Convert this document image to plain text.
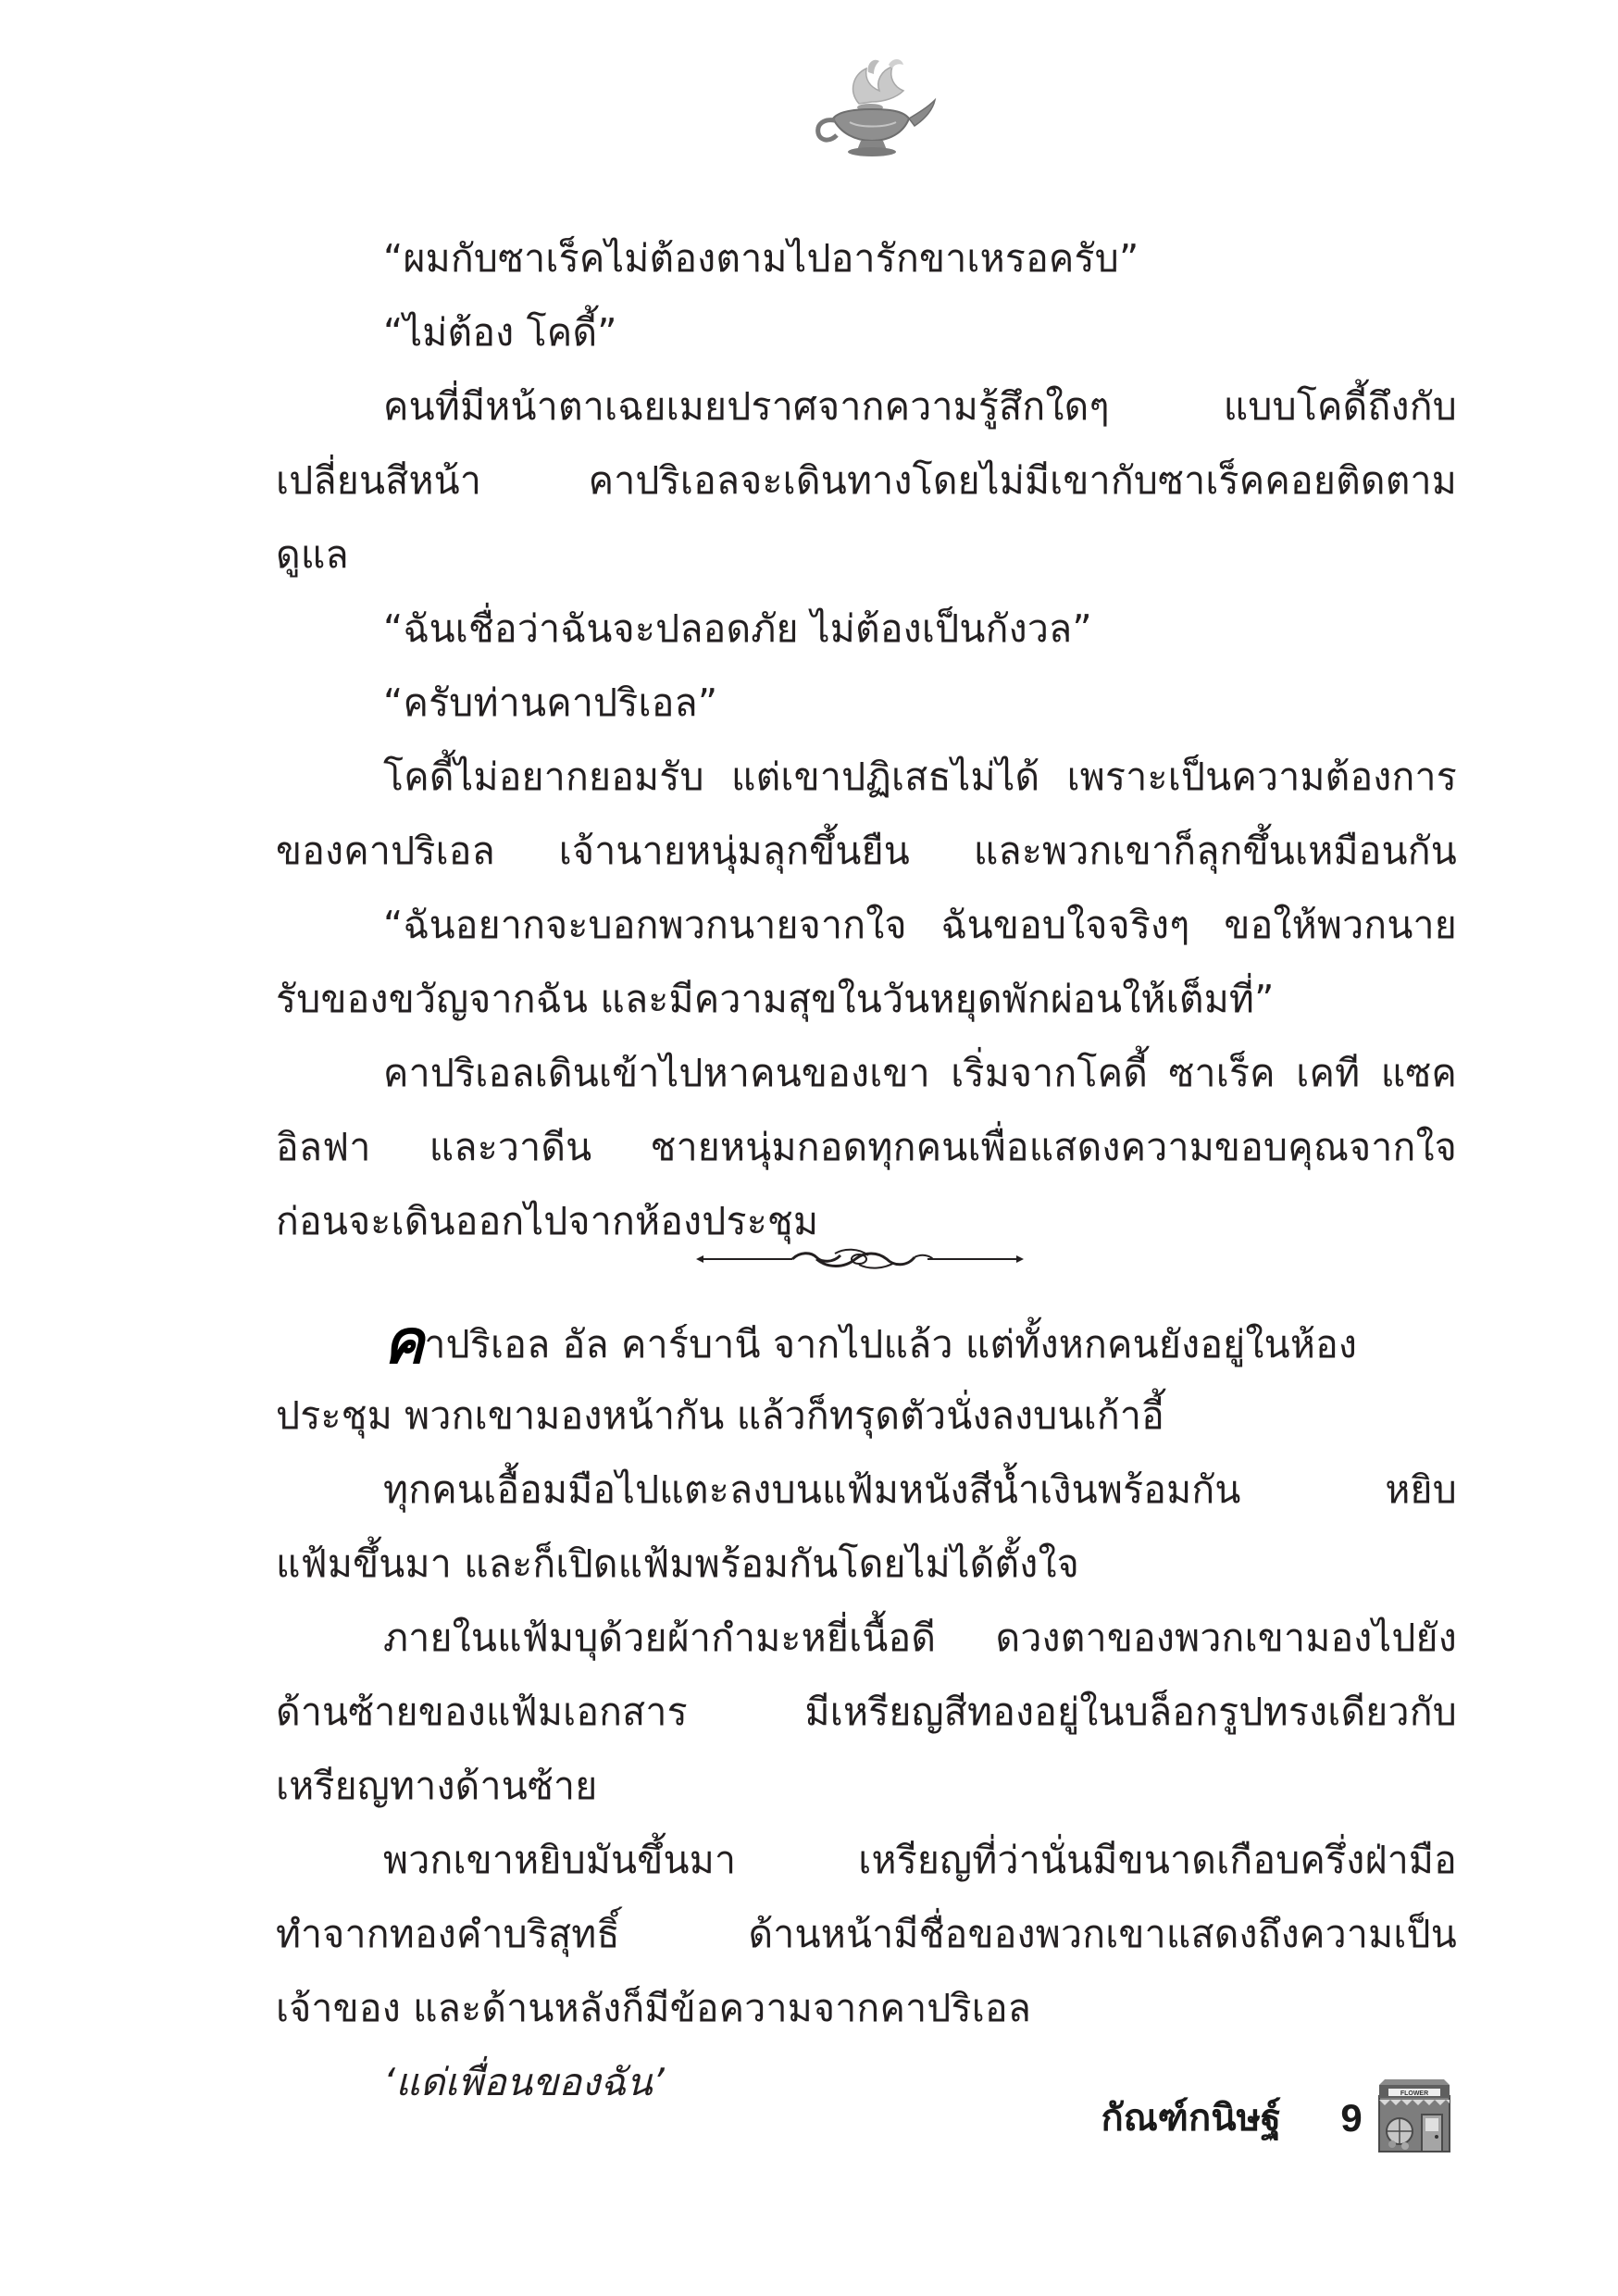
“ผมกับซาเร็คไม่ต้องตามไปอารักขาเหรอครับ”
“ไม่ต้อง โคดี้”
คนที่มีหน้าตาเฉยเมยปราศจากความรู้สึกใดๆ แบบโคดี้ถึงกับ
เปลี่ยนสีหน้า คาปริเอลจะเดินทางโดยไม่มีเขากับซาเร็คคอยติดตาม
ดูแล
“ฉันเชื่อว่าฉันจะปลอดภัย ไม่ต้องเป็นกังวล”
“ครับท่านคาปริเอล”
โคดี้ไม่อยากยอมรับ แต่เขาปฏิเสธไม่ได้ เพราะเป็นความต้องการ
ของคาปริเอล เจ้านายหนุ่มลุกขึ้นยืน และพวกเขาก็ลุกขึ้นเหมือนกัน
“ฉันอยากจะบอกพวกนายจากใจ ฉันขอบใจจริงๆ ขอให้พวกนาย
รับของขวัญจากฉัน และมีความสุขในวันหยุดพักผ่อนให้เต็มที่”
คาปริเอลเดินเข้าไปหาคนของเขา เริ่มจากโคดี้ ซาเร็ค เคที แซค
อิลฟา และวาดีน ชายหนุ่มกอดทุกคนเพื่อแสดงความขอบคุณจากใจ
ก่อนจะเดินออกไปจากห้องประชุม
คาปริเอล อัล คาร์บานี จากไปแล้ว แต่ทั้งหกคนยังอยู่ในห้อง
ประชุม พวกเขามองหน้ากัน แล้วก็ทรุดตัวนั่งลงบนเก้าอี้
ทุกคนเอื้อมมือไปแตะลงบนแฟ้มหนังสีน้ำเงินพร้อมกัน หยิบ
แฟ้มขึ้นมา และก็เปิดแฟ้มพร้อมกันโดยไม่ได้ตั้งใจ
ภายในแฟ้มบุด้วยผ้ากำมะหยี่เนื้อดี ดวงตาของพวกเขามองไปยัง
ด้านซ้ายของแฟ้มเอกสาร มีเหรียญสีทองอยู่ในบล็อกรูปทรงเดียวกับ
เหรียญทางด้านซ้าย
พวกเขาหยิบมันขึ้นมา เหรียญที่ว่านั่นมีขนาดเกือบครึ่งฝ่ามือ
ทำจากทองคำบริสุทธิ์ ด้านหน้ามีชื่อของพวกเขาแสดงถึงความเป็น
เจ้าของ และด้านหลังก็มีข้อความจากคาปริเอล
‘แด่เพื่อนของฉัน’
กัณฑ์กนิษฐ์ 9
FLOWER
